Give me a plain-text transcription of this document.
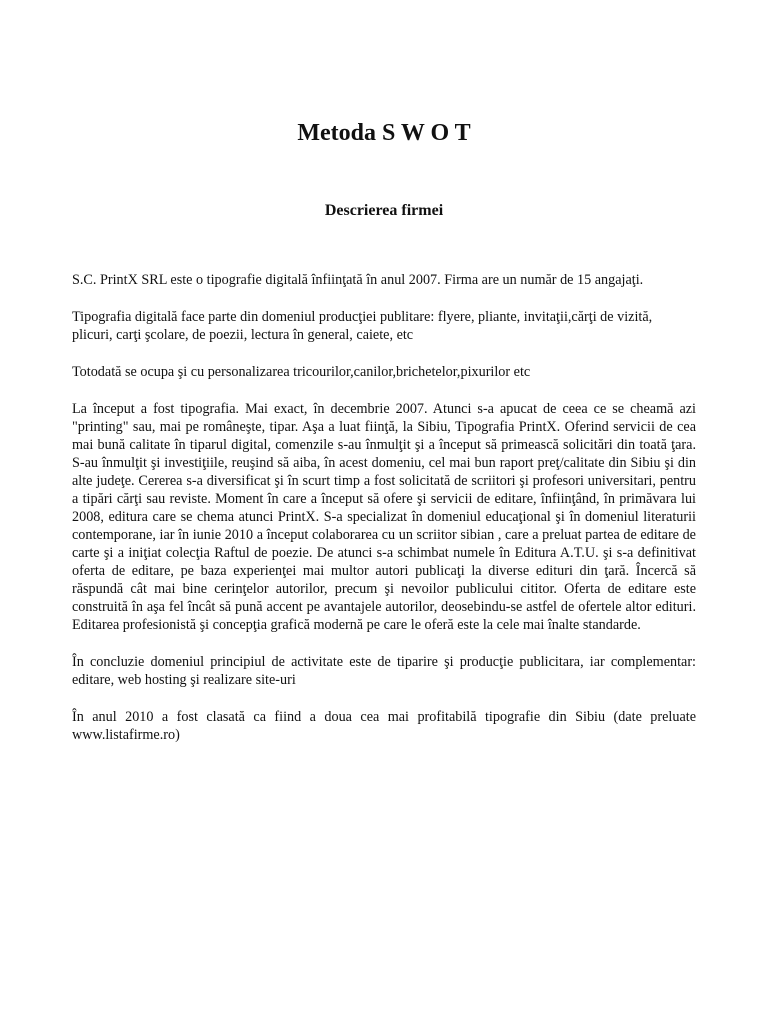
Metoda S W O T
Descrierea firmei

S.C. PrintX SRL este o tipografie digitală înfiinţată în anul 2007. Firma are un număr de 15 angajaţi.

Tipografia digitală face parte din domeniul producţiei publitare: flyere, pliante, invitaţii,cărţi de vizită, plicuri, carţi şcolare, de poezii, lectura în general, caiete, etc

Totodată se ocupa şi cu personalizarea tricourilor,canilor,brichetelor,pixurilor etc

La început a fost tipografia. Mai exact, în decembrie 2007. Atunci s-a apucat de ceea ce se cheamă azi "printing" sau, mai pe româneşte, tipar. Aşa a luat fiinţă, la Sibiu, Tipografia PrintX. Oferind servicii de cea mai bună calitate în tiparul digital, comenzile s-au înmulţit şi a început să primească solicitări din toată ţara. S-au înmulţit şi investiţiile, reuşind să aiba, în acest domeniu, cel mai bun raport preţ/calitate din Sibiu şi din alte judeţe. Cererea s-a diversificat şi în scurt timp a fost solicitată de scriitori şi profesori universitari, pentru a tipări cărţi sau reviste. Moment în care a început să ofere şi servicii de editare, înfiinţând, în primăvara lui 2008, editura care se chema atunci PrintX. S-a specializat în domeniul educaţional şi în domeniul literaturii contemporane, iar în iunie 2010 a început colaborarea cu un scriitor sibian , care a preluat partea de editare de carte şi a iniţiat colecţia Raftul de poezie. De atunci s-a schimbat numele în Editura A.T.U. şi s-a definitivat oferta de editare, pe baza experienţei mai multor autori publicaţi la diverse edituri din ţară. Încercă să răspundă cât mai bine cerinţelor autorilor, precum şi nevoilor publicului cititor. Oferta de editare este construită în aşa fel încât să pună accent pe avantajele autorilor, deosebindu-se astfel de ofertele altor edituri. Editarea profesionistă şi concepţia grafică modernă pe care le oferă este la cele mai înalte standarde.

În concluzie domeniul principiul de activitate este de tiparire şi producţie publicitara, iar complementar: editare, web hosting şi realizare site-uri

În anul 2010 a fost clasată ca fiind a doua cea mai profitabilă tipografie din Sibiu (date preluate www.listafirme.ro)
